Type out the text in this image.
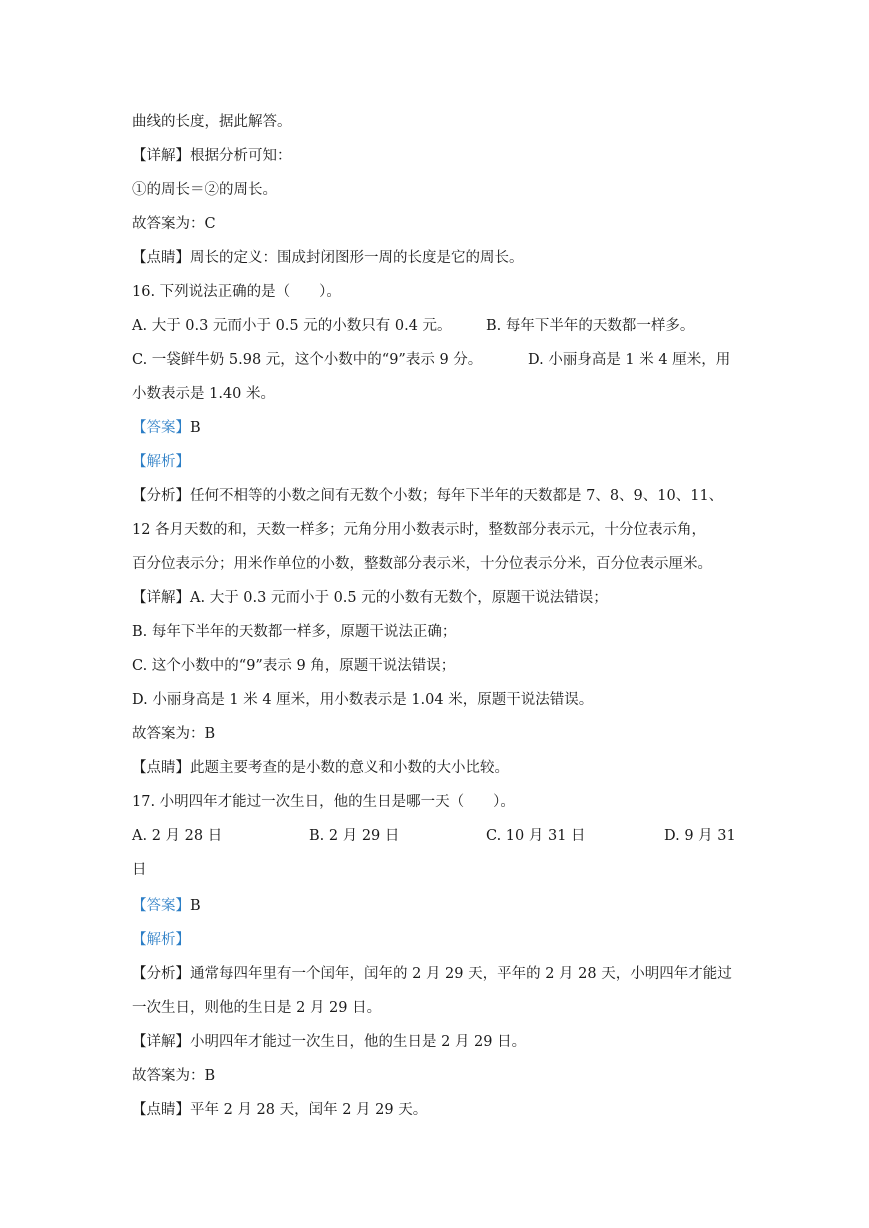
曲线的长度，据此解答。
【详解】根据分析可知：
①的周长＝②的周长。
故答案为：C
【点睛】周长的定义：围成封闭图形一周的长度是它的周长。
16. 下列说法正确的是（　　）。
A. 大于 0.3 元而小于 0.5 元的小数只有 0.4 元。 B. 每年下半年的天数都一样多。
C. 一袋鲜牛奶 5.98 元，这个小数中的“9”表示 9 分。	D. 小丽身高是 1 米 4 厘米，用
小数表示是 1.40 米。
【答案】B
【解析】
【分析】任何不相等的小数之间有无数个小数；每年下半年的天数都是 7、8、9、10、11、
12 各月天数的和，天数一样多；元角分用小数表示时，整数部分表示元，十分位表示角，
百分位表示分；用米作单位的小数，整数部分表示米，十分位表示分米，百分位表示厘米。
【详解】A. 大于 0.3 元而小于 0.5 元的小数有无数个，原题干说法错误；
B. 每年下半年的天数都一样多，原题干说法正确；
C. 这个小数中的“9”表示 9 角，原题干说法错误；
D. 小丽身高是 1 米 4 厘米，用小数表示是 1.04 米，原题干说法错误。
故答案为：B
【点睛】此题主要考查的是小数的意义和小数的大小比较。
17. 小明四年才能过一次生日，他的生日是哪一天（　　）。
A. 2 月 28 日	B. 2 月 29 日	C. 10 月 31 日	D. 9 月 31
日
【答案】B
【解析】
【分析】通常每四年里有一个闰年，闰年的 2 月 29 天，平年的 2 月 28 天，小明四年才能过
一次生日，则他的生日是 2 月 29 日。
【详解】小明四年才能过一次生日，他的生日是 2 月 29 日。
故答案为：B
【点睛】平年 2 月 28 天，闰年 2 月 29 天。
